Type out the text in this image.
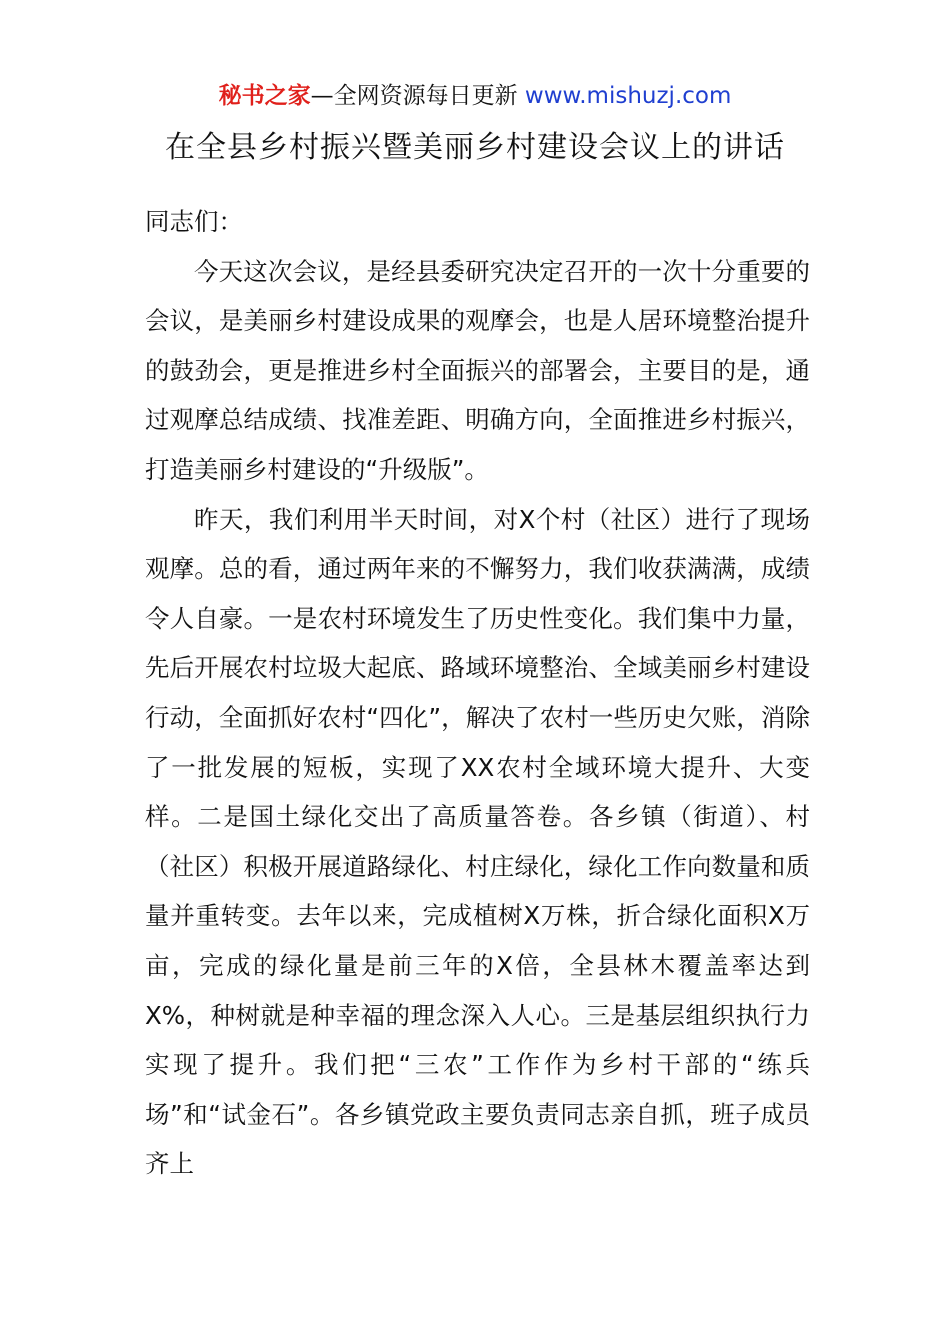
秘书之家—全网资源每日更新 www.mishuzj.com
在全县乡村振兴暨美丽乡村建设会议上的讲话

同志们：

今天这次会议，是经县委研究决定召开的一次十分重要的会议，是美丽乡村建设成果的观摩会，也是人居环境整治提升的鼓劲会，更是推进乡村全面振兴的部署会，主要目的是，通过观摩总结成绩、找准差距、明确方向，全面推进乡村振兴，打造美丽乡村建设的“升级版”。

昨天，我们利用半天时间，对X个村（社区）进行了现场观摩。总的看，通过两年来的不懈努力，我们收获满满，成绩令人自豪。一是农村环境发生了历史性变化。我们集中力量，先后开展农村垃圾大起底、路域环境整治、全域美丽乡村建设行动，全面抓好农村“四化”，解决了农村一些历史欠账，消除了一批发展的短板，实现了XX农村全域环境大提升、大变样。二是国土绿化交出了高质量答卷。各乡镇（街道）、村（社区）积极开展道路绿化、村庄绿化，绿化工作向数量和质量并重转变。去年以来，完成植树X万株，折合绿化面积X万亩，完成的绿化量是前三年的X倍，全县林木覆盖率达到X%，种树就是种幸福的理念深入人心。三是基层组织执行力实现了提升。我们把“三农”工作作为乡村干部的“练兵场”和“试金石”。各乡镇党政主要负责同志亲自抓，班子成员齐上
